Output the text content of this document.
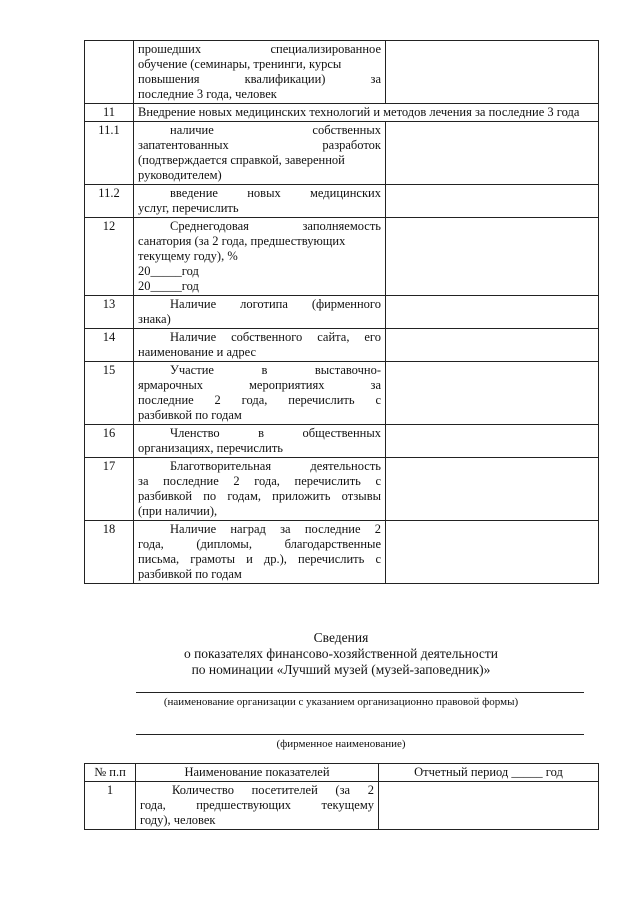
	прошедших специализированное
обучение (семинары, тренинги, курсы
повышения квалификации) за
последние 3 года, человек	

11	Внедрение новых медицинских технологий и методов лечения за последние 3 года	
11.1	наличие собственных
запатентованных разработок
(подтверждается справкой, заверенной
руководителем)	

11.2	введение новых медицинских
услуг, перечислить	

12	Среднегодовая заполняемость
санатория (за 2 года, предшествующих
текущему году), %
20_____год
20_____год	

13	Наличие логотипа (фирменного
знака)	

14	Наличие собственного сайта, его
наименование и адрес	

15	Участие в выставочно-
ярмарочных мероприятиях за
последние 2 года, перечислить с
разбивкой по годам	

16	Членство в общественных
организациях, перечислить	

17	Благотворительная деятельность
за последние 2 года, перечислить с
разбивкой по годам, приложить отзывы
(при наличии),	

18	Наличие наград за последние 2
года, (дипломы, благодарственные
письма, грамоты и др.), перечислить с
разбивкой по годам	

Сведения
о показателях финансово-хозяйственной деятельности
по номинации «Лучший музей (музей-заповедник)»
(наименование организации с указанием организационно правовой формы)
(фирменное наименование)
№ п.п	Наименование показателей	Отчетный период _____ год
1	Количество посетителей (за 2
года, предшествующих текущему
году), человек	
